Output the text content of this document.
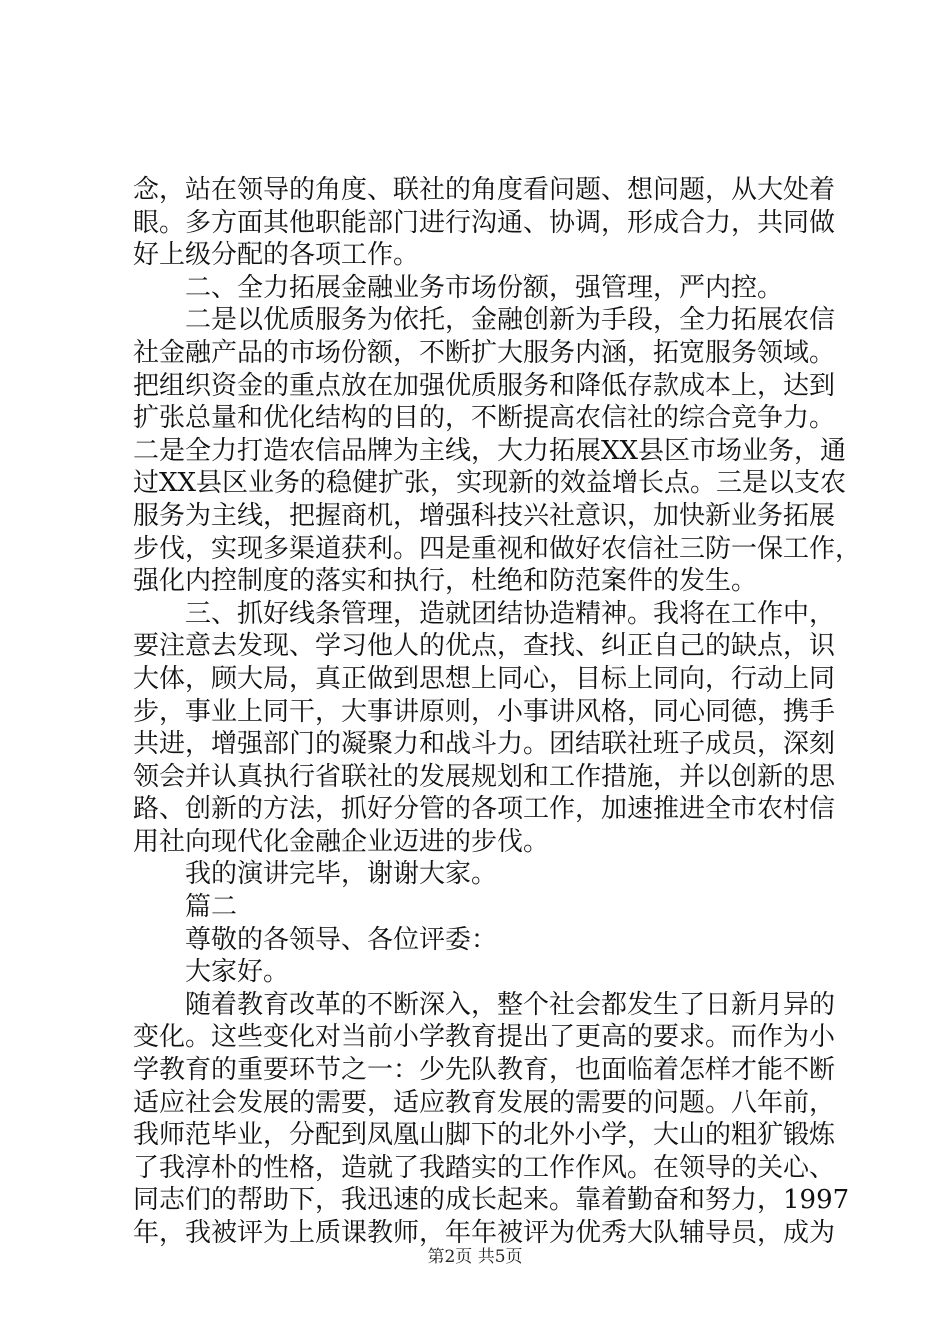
念，站在领导的角度、联社的角度看问题、想问题，从大处着
眼。多方面其他职能部门进行沟通、协调，形成合力，共同做
好上级分配的各项工作。
二、全力拓展金融业务市场份额，强管理，严内控。
二是以优质服务为依托，金融创新为手段，全力拓展农信
社金融产品的市场份额，不断扩大服务内涵，拓宽服务领域。
把组织资金的重点放在加强优质服务和降低存款成本上，达到
扩张总量和优化结构的目的，不断提高农信社的综合竞争力。
二是全力打造农信品牌为主线，大力拓展XX县区市场业务，通
过XX县区业务的稳健扩张，实现新的效益增长点。三是以支农
服务为主线，把握商机，增强科技兴社意识，加快新业务拓展
步伐，实现多渠道获利。四是重视和做好农信社三防一保工作，
强化内控制度的落实和执行，杜绝和防范案件的发生。
三、抓好线条管理，造就团结协造精神。我将在工作中，
要注意去发现、学习他人的优点，查找、纠正自己的缺点，识
大体，顾大局，真正做到思想上同心，目标上同向，行动上同
步，事业上同干，大事讲原则，小事讲风格，同心同德，携手
共进，增强部门的凝聚力和战斗力。团结联社班子成员，深刻
领会并认真执行省联社的发展规划和工作措施，并以创新的思
路、创新的方法，抓好分管的各项工作，加速推进全市农村信
用社向现代化金融企业迈进的步伐。
我的演讲完毕，谢谢大家。
篇二
尊敬的各领导、各位评委：
大家好。
随着教育改革的不断深入，整个社会都发生了日新月异的
变化。这些变化对当前小学教育提出了更高的要求。而作为小
学教育的重要环节之一：少先队教育，也面临着怎样才能不断
适应社会发展的需要，适应教育发展的需要的问题。八年前，
我师范毕业，分配到凤凰山脚下的北外小学，大山的粗犷锻炼
了我淳朴的性格，造就了我踏实的工作作风。在领导的关心、
同志们的帮助下，我迅速的成长起来。靠着勤奋和努力，1997
年，我被评为上质课教师，年年被评为优秀大队辅导员，成为
第2页 共5页
